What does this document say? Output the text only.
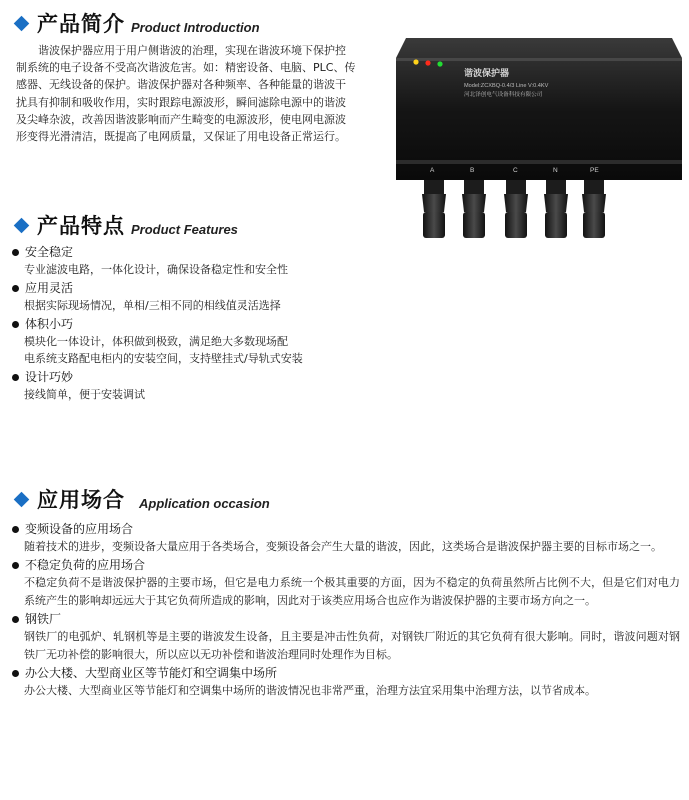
产品简介 Product Introduction

谐波保护器应用于用户侧谐波的治理，实现在谐波环境下保护控制系统的电子设备不受高次谐波危害。如：精密设备、电脑、PLC、传感器、无线设备的保护。谐波保护器对各种频率、各种能量的谐波干扰具有抑制和吸收作用，实时跟踪电源波形，瞬间滤除电源中的谐波及尖峰杂波，改善因谐波影响而产生畸变的电源波形，使电网电源波形变得光滑清洁，既提高了电网质量，又保证了用电设备正常运行。

谐波保护器
Model:ZCXBQ-0.4/3 Line V:0.4KV
河北泽创电气设备科技有限公司
A	B	C	N	PE
产品特点 Product Features
安全稳定

专业滤波电路，一体化设计，确保设备稳定性和安全性

应用灵活

根据实际现场情况，单相/三相不同的相线值灵活选择

体积小巧

模块化一体设计，体积做到极致，满足绝大多数现场配

电系统支路配电柜内的安装空间，支持壁挂式/导轨式安装

设计巧妙

接线简单，便于安装调试

应用场合 Application occasion
变频设备的应用场合

随着技术的进步，变频设备大量应用于各类场合，变频设备会产生大量的谐波，因此，这类场合是谐波保护器主要的目标市场之一。

不稳定负荷的应用场合

不稳定负荷不是谐波保护器的主要市场，但它是电力系统一个极其重要的方面，因为不稳定的负荷虽然所占比例不大，但是它们对电力系统产生的影响却远远大于其它负荷所造成的影响，因此对于该类应用场合也应作为谐波保护器的主要市场方向之一。

钢铁厂

钢铁厂的电弧炉、轧钢机等是主要的谐波发生设备，且主要是冲击性负荷，对钢铁厂附近的其它负荷有很大影响。同时，谐波问题对钢铁厂无功补偿的影响很大，所以应以无功补偿和谐波治理同时处理作为目标。

办公大楼、大型商业区等节能灯和空调集中场所

办公大楼、大型商业区等节能灯和空调集中场所的谐波情况也非常严重，治理方法宜采用集中治理方法，以节省成本。
